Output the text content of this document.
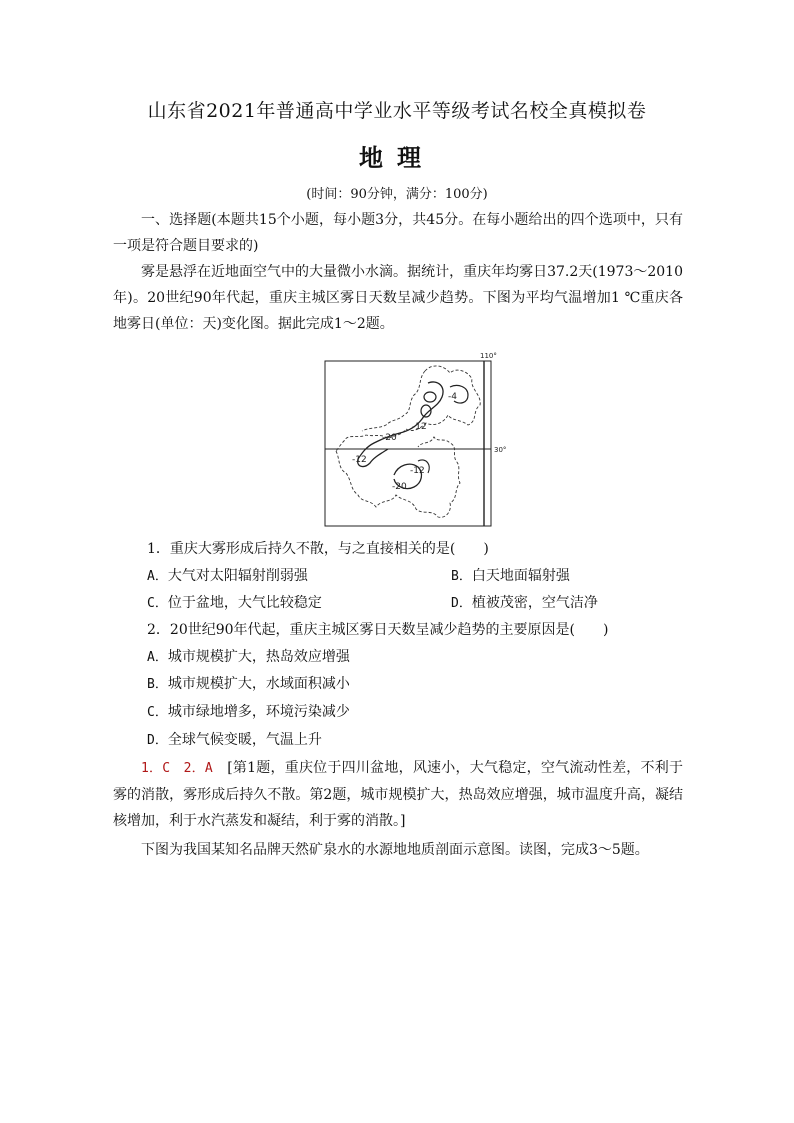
山东省2021年普通高中学业水平等级考试名校全真模拟卷
地理
(时间：90分钟，满分：100分)
一、选择题(本题共15个小题，每小题3分，共45分。在每小题给出的四个选项中，只有一项是符合题目要求的)
雾是悬浮在近地面空气中的大量微小水滴。据统计，重庆年均雾日37.2天(1973～2010年)。20世纪90年代起，重庆主城区雾日天数呈减少趋势。下图为平均气温增加1 ℃重庆各地雾日(单位：天)变化图。据此完成1～2题。
110°
30°
-4
-12
-20
-12
-20
-12
1．重庆大雾形成后持久不散，与之直接相关的是(　　)
A．大气对太阳辐射削弱强	B．白天地面辐射强
C．位于盆地，大气比较稳定	D．植被茂密，空气洁净
2．20世纪90年代起，重庆主城区雾日天数呈减少趋势的主要原因是(　　)
A．城市规模扩大，热岛效应增强
B．城市规模扩大，水域面积减小
C．城市绿地增多，环境污染减少
D．全球气候变暖，气温上升
1．C　2．A　 [第1题，重庆位于四川盆地，风速小，大气稳定，空气流动性差，不利于雾的消散，雾形成后持久不散。第2题，城市规模扩大，热岛效应增强，城市温度升高，凝结核增加，利于水汽蒸发和凝结，利于雾的消散。]
下图为我国某知名品牌天然矿泉水的水源地地质剖面示意图。读图，完成3～5题。
